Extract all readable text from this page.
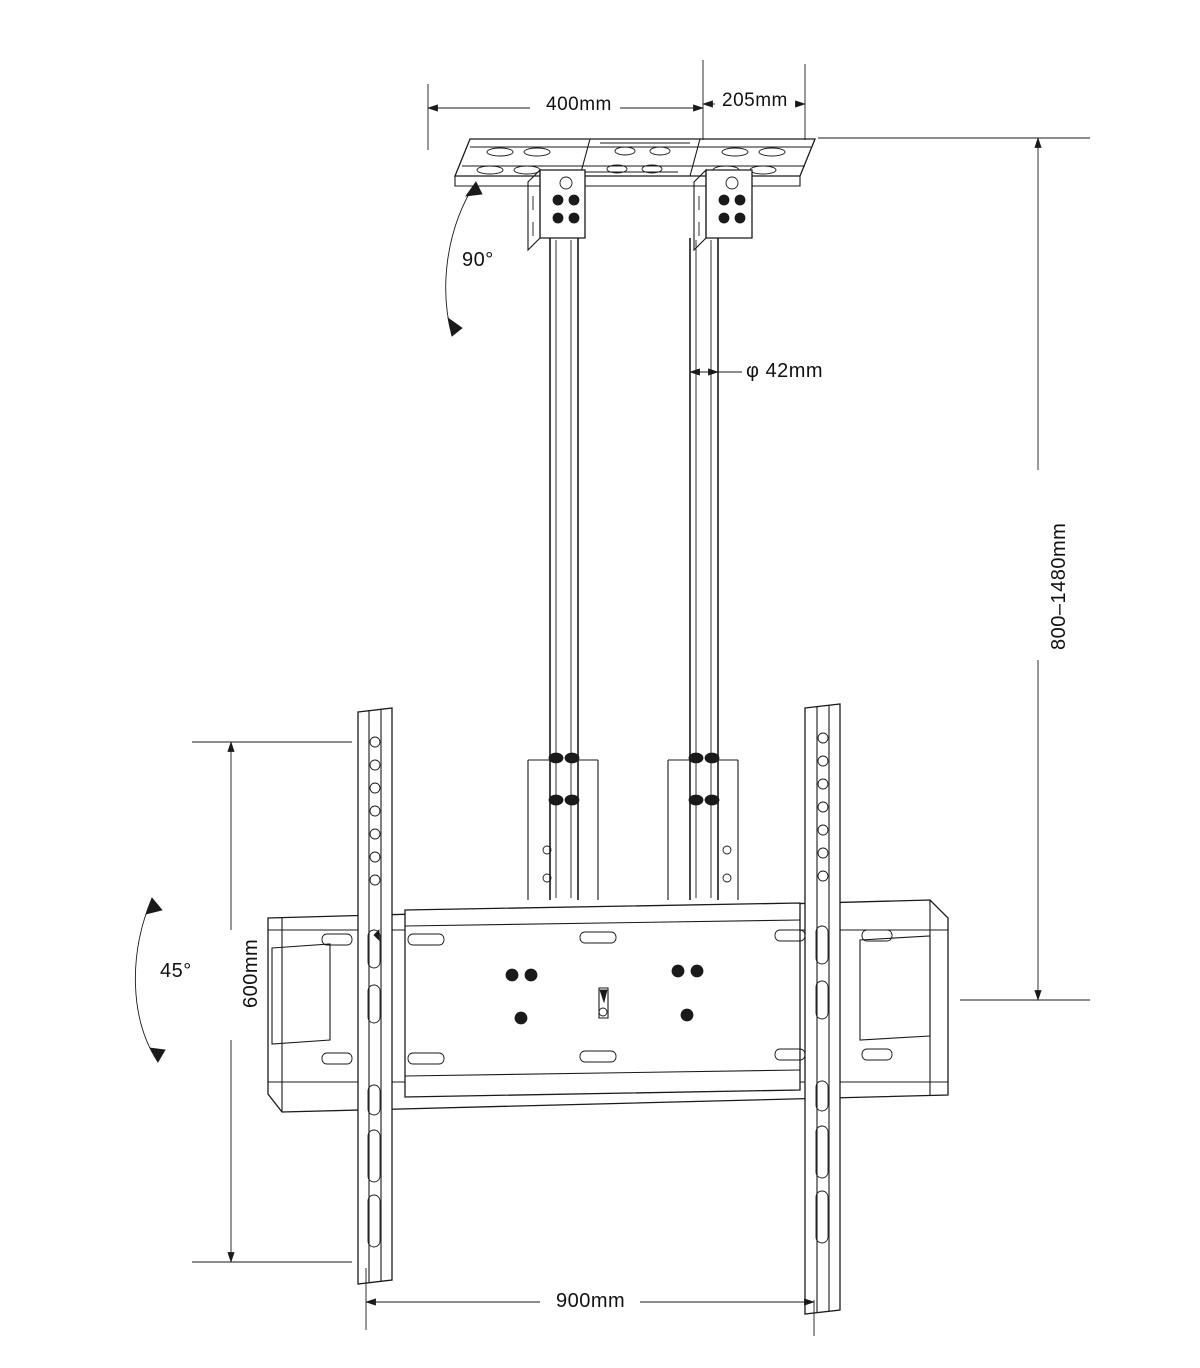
400mm	205mm
90°
φ 42mm
800–1480mm
45° 600mm
900mm
